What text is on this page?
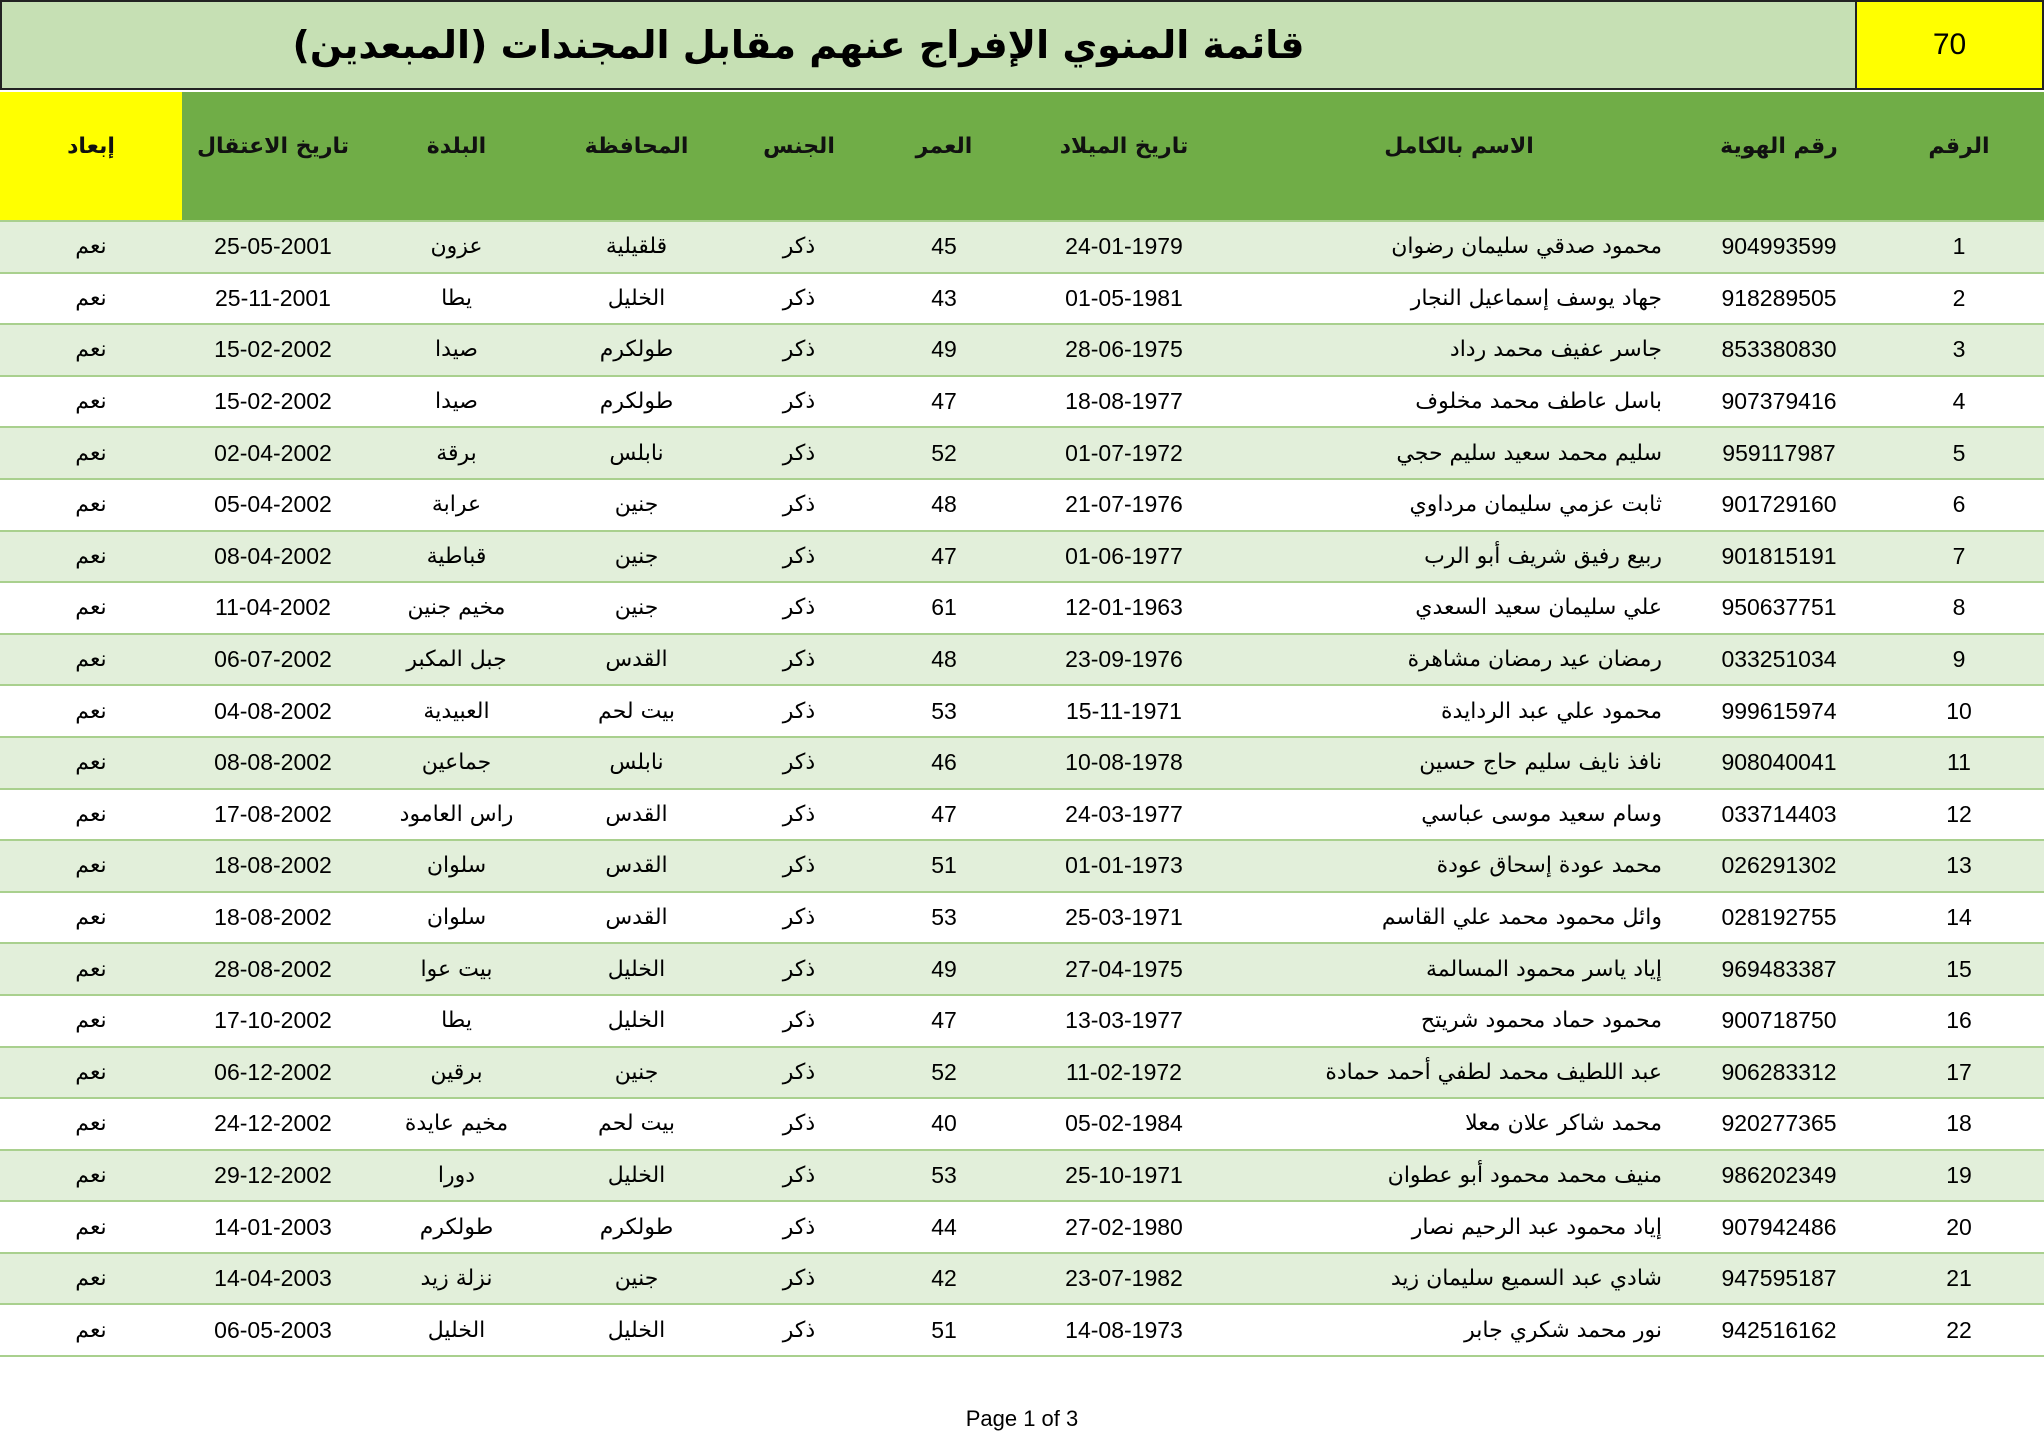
قائمة المنوي الإفراج عنهم مقابل المجندات (المبعدين)	70
الرقم	رقم الهوية	الاسم بالكامل	تاريخ الميلاد	العمر	الجنس	المحافظة	البلدة	تاريخ الاعتقال	إبعاد
1	904993599	محمود صدقي سليمان رضوان	24-01-1979	45	ذكر	قلقيلية	عزون	25-05-2001	نعم
2	918289505	جهاد يوسف إسماعيل النجار	01-05-1981	43	ذكر	الخليل	يطا	25-11-2001	نعم
3	853380830	جاسر عفيف محمد رداد	28-06-1975	49	ذكر	طولكرم	صيدا	15-02-2002	نعم
4	907379416	باسل عاطف محمد مخلوف	18-08-1977	47	ذكر	طولكرم	صيدا	15-02-2002	نعم
5	959117987	سليم محمد سعيد سليم حجي	01-07-1972	52	ذكر	نابلس	برقة	02-04-2002	نعم
6	901729160	ثابت عزمي سليمان مرداوي	21-07-1976	48	ذكر	جنين	عرابة	05-04-2002	نعم
7	901815191	ربيع رفيق شريف أبو الرب	01-06-1977	47	ذكر	جنين	قباطية	08-04-2002	نعم
8	950637751	علي سليمان سعيد السعدي	12-01-1963	61	ذكر	جنين	مخيم جنين	11-04-2002	نعم
9	033251034	رمضان عيد رمضان مشاهرة	23-09-1976	48	ذكر	القدس	جبل المكبر	06-07-2002	نعم
10	999615974	محمود علي عبد الردايدة	15-11-1971	53	ذكر	بيت لحم	العبيدية	04-08-2002	نعم
11	908040041	نافذ نايف سليم حاج حسين	10-08-1978	46	ذكر	نابلس	جماعين	08-08-2002	نعم
12	033714403	وسام سعيد موسى عباسي	24-03-1977	47	ذكر	القدس	راس العامود	17-08-2002	نعم
13	026291302	محمد عودة إسحاق عودة	01-01-1973	51	ذكر	القدس	سلوان	18-08-2002	نعم
14	028192755	وائل محمود محمد علي القاسم	25-03-1971	53	ذكر	القدس	سلوان	18-08-2002	نعم
15	969483387	إياد ياسر محمود المسالمة	27-04-1975	49	ذكر	الخليل	بيت عوا	28-08-2002	نعم
16	900718750	محمود حماد محمود شريتح	13-03-1977	47	ذكر	الخليل	يطا	17-10-2002	نعم
17	906283312	عبد اللطيف محمد لطفي أحمد حمادة	11-02-1972	52	ذكر	جنين	برقين	06-12-2002	نعم
18	920277365	محمد شاكر علان معلا	05-02-1984	40	ذكر	بيت لحم	مخيم عايدة	24-12-2002	نعم
19	986202349	منيف محمد محمود أبو عطوان	25-10-1971	53	ذكر	الخليل	دورا	29-12-2002	نعم
20	907942486	إياد محمود عبد الرحيم نصار	27-02-1980	44	ذكر	طولكرم	طولكرم	14-01-2003	نعم
21	947595187	شادي عبد السميع سليمان زيد	23-07-1982	42	ذكر	جنين	نزلة زيد	14-04-2003	نعم
22	942516162	نور محمد شكري جابر	14-08-1973	51	ذكر	الخليل	الخليل	06-05-2003	نعم
Page 1 of 3
